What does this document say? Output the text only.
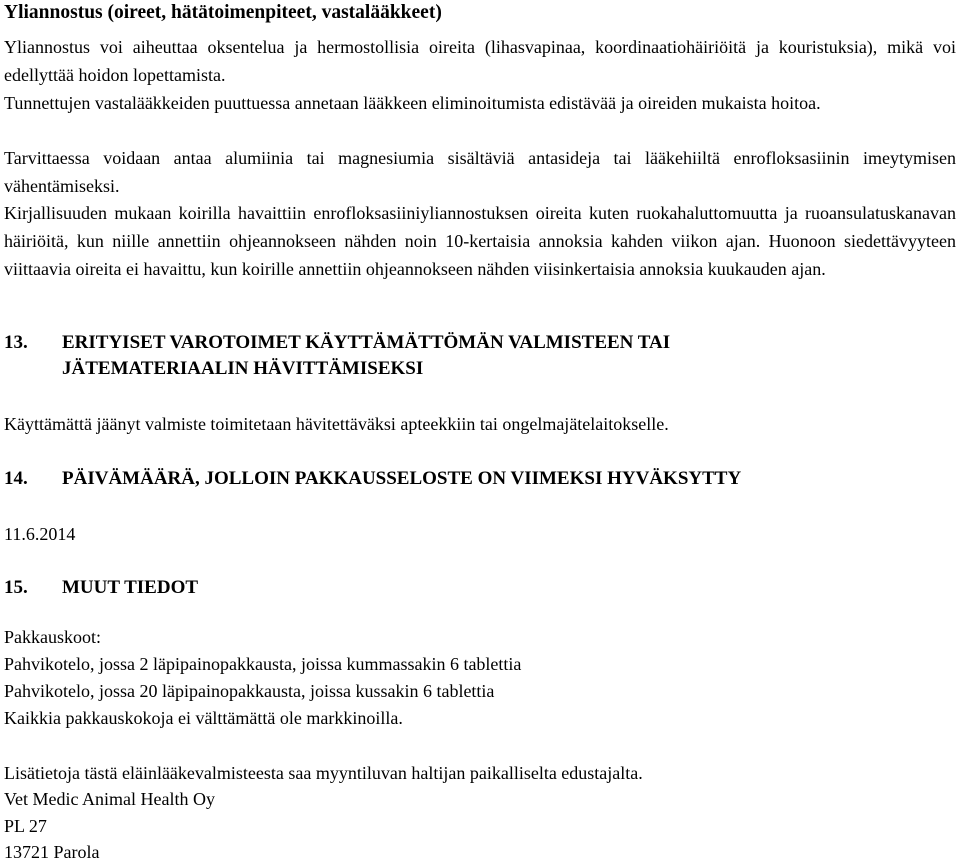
Yliannostus (oireet, hätätoimenpiteet, vastalääkkeet)
Yliannostus voi aiheuttaa oksentelua ja hermostollisia oireita (lihasvapinaa, koordinaatiohäiriöitä ja kouristuksia), mikä voi edellyttää hoidon lopettamista.
Tunnettujen vastalääkkeiden puuttuessa annetaan lääkkeen eliminoitumista edistävää ja oireiden mukaista hoitoa.
Tarvittaessa voidaan antaa alumiinia tai magnesiumia sisältäviä antasideja tai lääkehiiltä enrofloksasiinin imeytymisen vähentämiseksi.
Kirjallisuuden mukaan koirilla havaittiin enrofloksasiiniyliannostuksen oireita kuten ruokahaluttomuutta ja ruoansulatuskanavan häiriöitä, kun niille annettiin ohjeannokseen nähden noin 10-kertaisia annoksia kahden viikon ajan. Huonoon siedettävyyteen viittaavia oireita ei havaittu, kun koirille annettiin ohjeannokseen nähden viisinkertaisia annoksia kuukauden ajan.
13. ERITYISET VAROTOIMET KÄYTTÄMÄTTÖMÄN VALMISTEEN TAI
JÄTEMATERIAALIN HÄVITTÄMISEKSI
Käyttämättä jäänyt valmiste toimitetaan hävitettäväksi apteekkiin tai ongelmajätelaitokselle.
14. PÄIVÄMÄÄRÄ, JOLLOIN PAKKAUSSELOSTE ON VIIMEKSI HYVÄKSYTTY
11.6.2014
15. MUUT TIEDOT
Pakkauskoot:
Pahvikotelo, jossa 2 läpipainopakkausta, joissa kummassakin 6 tablettia
Pahvikotelo, jossa 20 läpipainopakkausta, joissa kussakin 6 tablettia
Kaikkia pakkauskokoja ei välttämättä ole markkinoilla.
Lisätietoja tästä eläinlääkevalmisteesta saa myyntiluvan haltijan paikalliselta edustajalta.
Vet Medic Animal Health Oy
PL 27
13721 Parola
